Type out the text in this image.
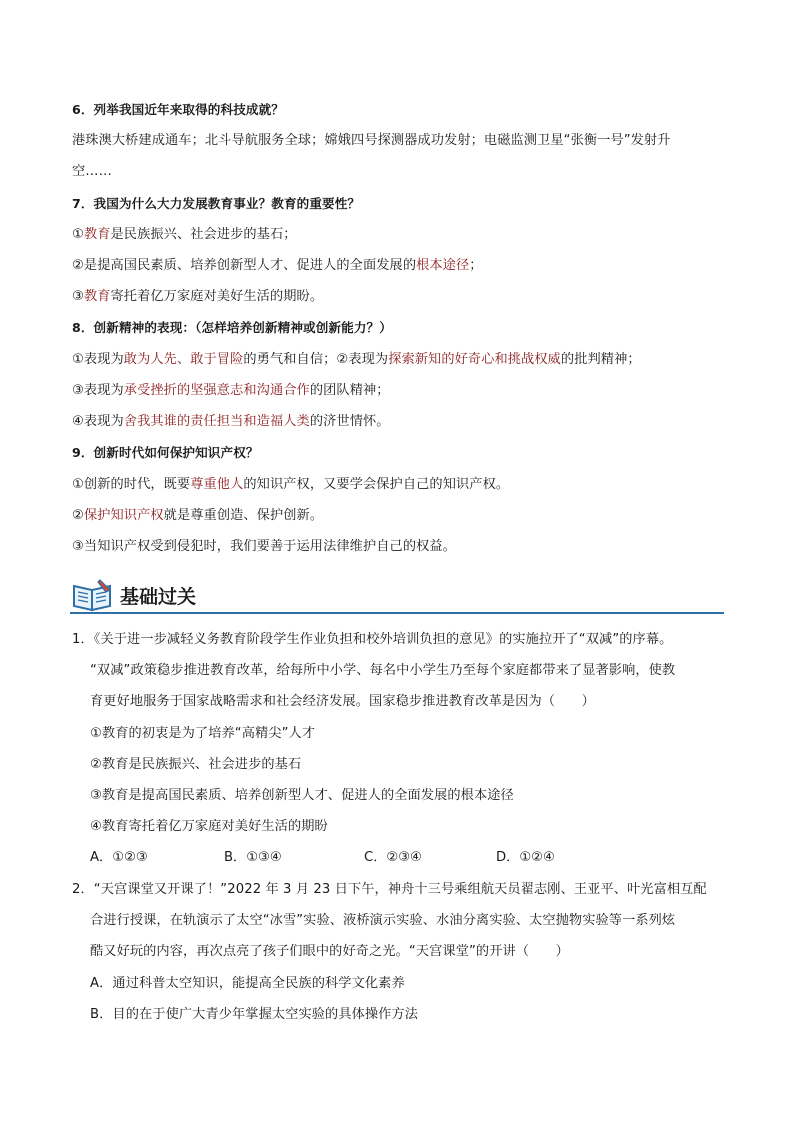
6．列举我国近年来取得的科技成就？
港珠澳大桥建成通车；北斗导航服务全球；嫦娥四号探测器成功发射；电磁监测卫星“张衡一号”发射升
空……
7．我国为什么大力发展教育事业？教育的重要性？
①教育是民族振兴、社会进步的基石；
②是提高国民素质、培养创新型人才、促进人的全面发展的根本途径；
③教育寄托着亿万家庭对美好生活的期盼。
8．创新精神的表现：（怎样培养创新精神或创新能力？）
①表现为敢为人先、敢于冒险的勇气和自信；②表现为探索新知的好奇心和挑战权威的批判精神；
③表现为承受挫折的坚强意志和沟通合作的团队精神；
④表现为舍我其谁的责任担当和造福人类的济世情怀。
9．创新时代如何保护知识产权？
①创新的时代，既要尊重他人的知识产权，又要学会保护自己的知识产权。
②保护知识产权就是尊重创造、保护创新。
③当知识产权受到侵犯时，我们要善于运用法律维护自己的权益。
基础过关
1．《关于进一步减轻义务教育阶段学生作业负担和校外培训负担的意见》的实施拉开了“双减”的序幕。
“双减”政策稳步推进教育改革，给每所中小学、每名中小学生乃至每个家庭都带来了显著影响，使教
育更好地服务于国家战略需求和社会经济发展。国家稳步推进教育改革是因为（　　）
①教育的初衷是为了培养“高精尖”人才
②教育是民族振兴、社会进步的基石
③教育是提高国民素质、培养创新型人才、促进人的全面发展的根本途径
④教育寄托着亿万家庭对美好生活的期盼
A．①②③	B．①③④	C．②③④	D．①②④
2．“天宫课堂又开课了！”2022 年 3 月 23 日下午，神舟十三号乘组航天员翟志刚、王亚平、叶光富相互配
合进行授课，在轨演示了太空“冰雪”实验、液桥演示实验、水油分离实验、太空抛物实验等一系列炫
酷又好玩的内容，再次点亮了孩子们眼中的好奇之光。“天宫课堂”的开讲（　　）
A．通过科普太空知识，能提高全民族的科学文化素养
B．目的在于使广大青少年掌握太空实验的具体操作方法
